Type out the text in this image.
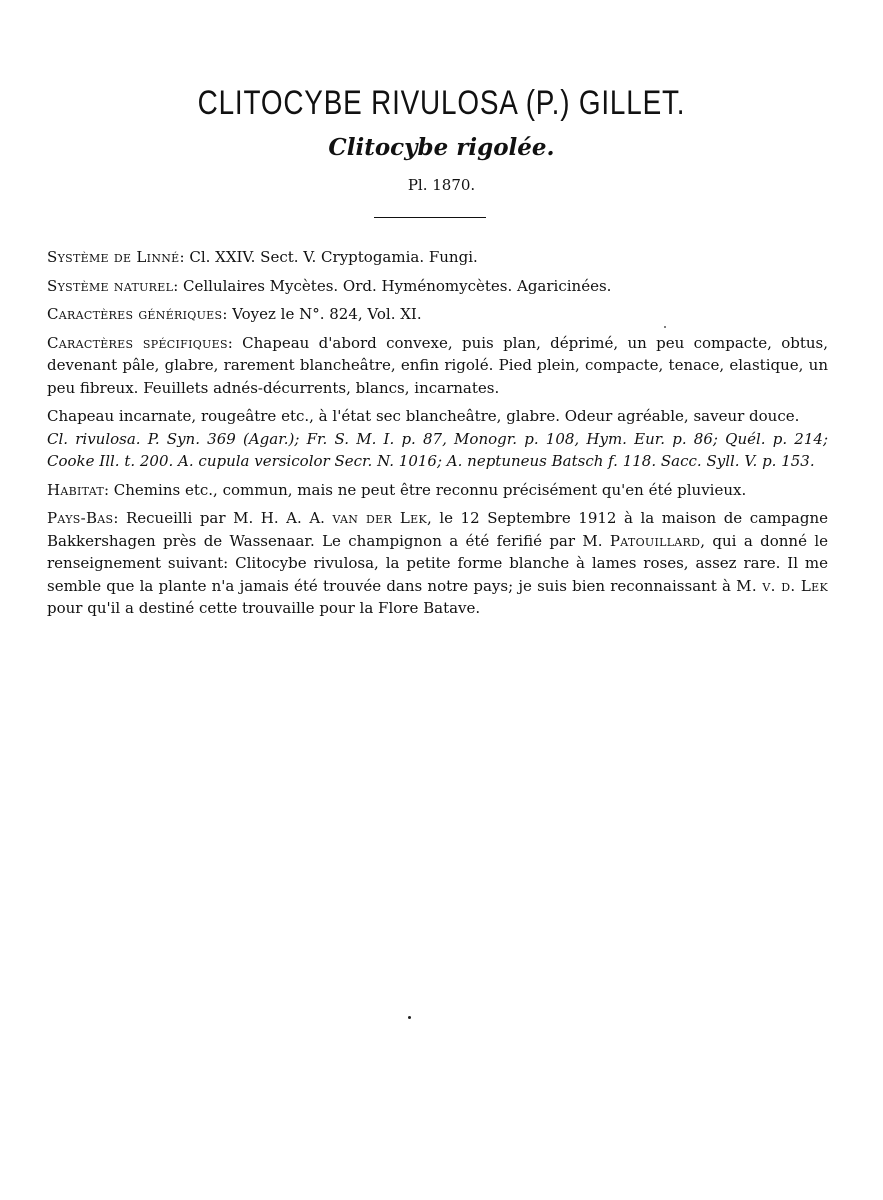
CLITOCYBE RIVULOSA (P.) GILLET.
Clitocybe rigolée.
Pl. 1870.

Système de Linné: Cl. XXIV. Sect. V. Cryptogamia. Fungi.

Système naturel: Cellulaires Mycètes. Ord. Hyménomycètes. Agaricinées.

Caractères génériques: Voyez le N°. 824, Vol. XI.

Caractères spécifiques: Chapeau d'abord convexe, puis plan, déprimé, un peu compacte, obtus, devenant pâle, glabre, rarement blancheâtre, enfin rigolé. Pied plein, compacte, tenace, elastique, un peu fibreux. Feuillets adnés-décurrents, blancs, incarnates.

Chapeau incarnate, rougeâtre etc., à l'état sec blancheâtre, glabre. Odeur agréable, saveur douce.

Cl. rivulosa. P. Syn. 369 (Agar.); Fr. S. M. I. p. 87, Monogr. p. 108, Hym. Eur. p. 86; Quél. p. 214; Cooke Ill. t. 200. A. cupula versicolor Secr. N. 1016; A. neptuneus Batsch f. 118. Sacc. Syll. V. p. 153.

Habitat: Chemins etc., commun, mais ne peut être reconnu précisément qu'en été pluvieux.

Pays-Bas: Recueilli par M. H. A. A. van der Lek, le 12 Septembre 1912 à la maison de campagne Bakkershagen près de Wassenaar. Le champignon a été ferifié par M. Patouillard, qui a donné le renseignement suivant: Clitocybe rivulosa, la petite forme blanche à lames roses, assez rare. Il me semble que la plante n'a jamais été trouvée dans notre pays; je suis bien reconnaissant à M. v. d. Lek pour qu'il a destiné cette trouvaille pour la Flore Batave.
